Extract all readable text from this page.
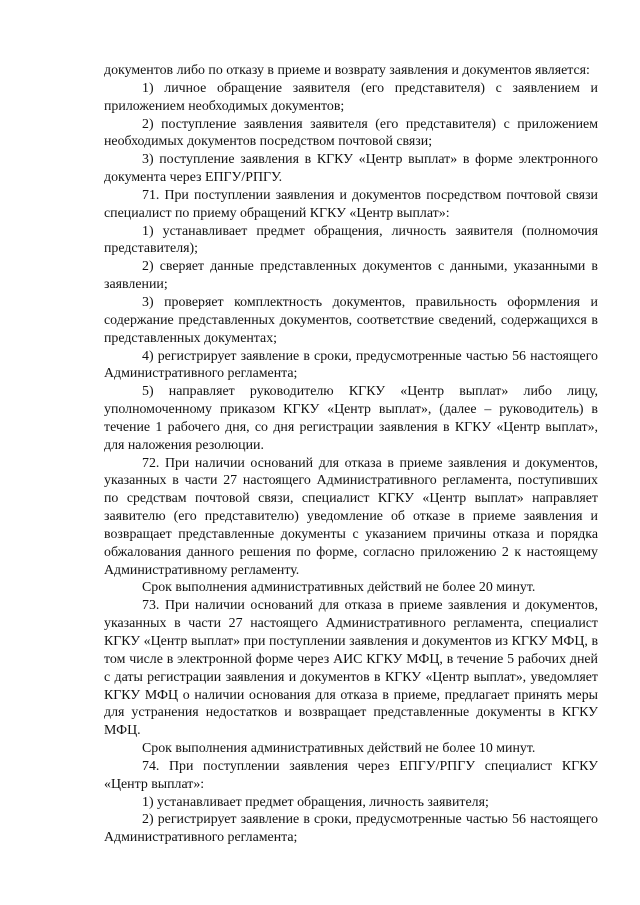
документов либо по отказу в приеме и возврату заявления и документов является:

1) личное обращение заявителя (его представителя) с заявлением и приложением необходимых документов;

2) поступление заявления заявителя (его представителя) с приложением необходимых документов посредством почтовой связи;

3) поступление заявления в КГКУ «Центр выплат» в форме электронного документа через ЕПГУ/РПГУ.

71. При поступлении заявления и документов посредством почтовой связи специалист по приему обращений КГКУ «Центр выплат»:

1) устанавливает предмет обращения, личность заявителя (полномочия представителя);

2) сверяет данные представленных документов с данными, указанными в заявлении;

3) проверяет комплектность документов, правильность оформления и содержание представленных документов, соответствие сведений, содержащихся в представленных документах;

4) регистрирует заявление в сроки, предусмотренные частью 56 настоящего Административного регламента;

5) направляет руководителю КГКУ «Центр выплат» либо лицу, уполномоченному приказом КГКУ «Центр выплат», (далее – руководитель) в течение 1 рабочего дня, со дня регистрации заявления в КГКУ «Центр выплат», для наложения резолюции.

72. При наличии оснований для отказа в приеме заявления и документов, указанных в части 27 настоящего Административного регламента, поступивших по средствам почтовой связи, специалист КГКУ «Центр выплат» направляет заявителю (его представителю) уведомление об отказе в приеме заявления и возвращает представленные документы с указанием причины отказа и порядка обжалования данного решения по форме, согласно приложению 2 к настоящему Административному регламенту.

Срок выполнения административных действий не более 20 минут.

73. При наличии оснований для отказа в приеме заявления и документов, указанных в части 27 настоящего Административного регламента, специалист КГКУ «Центр выплат» при поступлении заявления и документов из КГКУ МФЦ, в том числе в электронной форме через АИС КГКУ МФЦ, в течение 5 рабочих дней с даты регистрации заявления и документов в КГКУ «Центр выплат», уведомляет КГКУ МФЦ о наличии основания для отказа в приеме, предлагает принять меры для устранения недостатков и возвращает представленные документы в КГКУ МФЦ.

Срок выполнения административных действий не более 10 минут.

74. При поступлении заявления через ЕПГУ/РПГУ специалист КГКУ «Центр выплат»:

1) устанавливает предмет обращения, личность заявителя;

2) регистрирует заявление в сроки, предусмотренные частью 56 настоящего Административного регламента;
